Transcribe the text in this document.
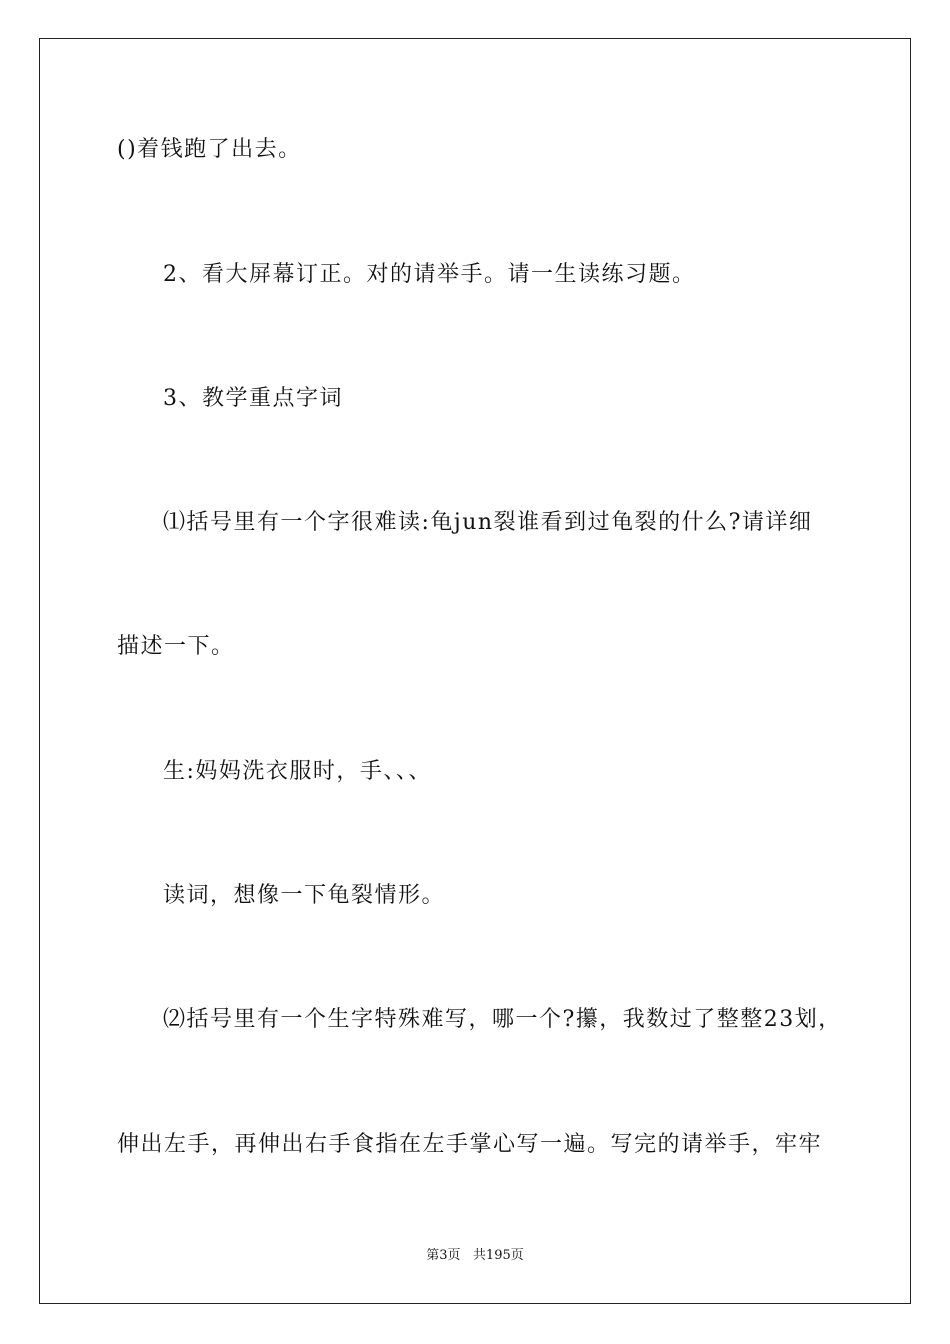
()着钱跑了出去。
2、看大屏幕订正。对的请举手。请一生读练习题。
3、教学重点字词
⑴括号里有一个字很难读:龟jun裂谁看到过龟裂的什么?请详细
描述一下。
生:妈妈洗衣服时，手、、、
读词，想像一下龟裂情形。
⑵括号里有一个生字特殊难写，哪一个?攥，我数过了整整23划，
伸出左手，再伸出右手食指在左手掌心写一遍。写完的请举手，牢牢
第3页   共195页
